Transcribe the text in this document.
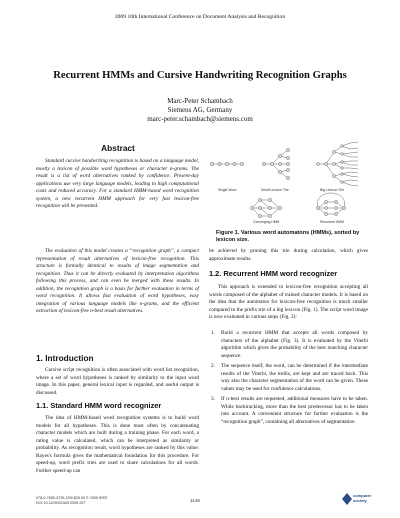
2009 10th International Conference on Document Analysis and Recognition
Recurrent HMMs and Cursive Handwriting Recognition Graphs
Marc-Peter Schambach
Siemens AG, Germany
marc-peter.schambach@siemens.com
Abstract
Standard cursive handwriting recognition is based on a language model, mostly a lexicon of possible word hypotheses or character n-grams. The result is a list of word alternatives ranked by confidence. Present-day applications use very large language models, leading to high computational costs and reduced accuracy. For a standard HMM-based word recognition system, a new recurrent HMM approach for very fast lexicon-free recognition will be presented.
The evaluation of this model creates a “recognition graph”, a compact representation of result alternatives of lexicon-free recognition. This structure is formally identical to results of image segmentation and recognition. Thus it can be directly evaluated by interpretation algorithms following this process, and can even be merged with these results. In addition, the recognition graph is a basis for further evaluation in terms of word recognition. It allows fast evaluation of word hypotheses, easy integration of various language models like n-grams, and the efficient extraction of lexicon-free n-best result alternatives.
1. Introduction
Cursive script recognition is often associated with word list recognition, where a set of word hypotheses is ranked by similarity to the input word image. In this paper, general lexical input is regarded, and useful output is discussed.
1.1. Standard HMM word recognizer
The idea of HMM-based word recognition systems is to build word models for all hypotheses. This is done most often by concatenating character models which are built during a training phase. For each word, a rating value is calculated, which can be interpreted as similarity or probability. As recognition result, word hypotheses are ranked by this value. Bayes's formula gives the mathematical foundation for this procedure. For speed-up, word prefix tries are used to share calculations for all words. Further speed-up can
Single Word	Small Lexicon Trie	Big Lexicon Trie
Converging HMM	Recurrent HMM
Figure 1. Various word automatons (HMMs), sorted by lexicon size.
be achieved by pruning this trie during calculation, which gives approximate results.
1.2. Recurrent HMM word recognizer
This approach is extended to lexicon-free recognition accepting all words composed of the alphabet of trained character models. It is based on the idea that the automaton for lexicon-free recognition is much smaller compared to the prefix trie of a big lexicon (Fig. 1). The script word image is now evaluated in various steps (Fig. 2):
1. Build a recurrent HMM that accepts all words composed by characters of the alphabet (Fig. 3). It is evaluated by the Viterbi algorithm which gives the probability of the best matching character sequence.
2. The sequence itself, the word, can be determined if the intermediate results of the Viterbi, the trellis, are kept and are traced back. This way also the character segmentation of the word can be given. These values may be used for confidence calculations.
3. If n-best results are requested, additional measures have to be taken. While backtracking, more than the best predecessor has to be taken into account. A convenient structure for further evaluation is the “recognition graph”, containing all alternatives of segmentation
978-0-7695-3725-2/09 $25.00 © 2009 IEEE
DOI 10.1109/ICDAR.2009.257	1146
computer
society
